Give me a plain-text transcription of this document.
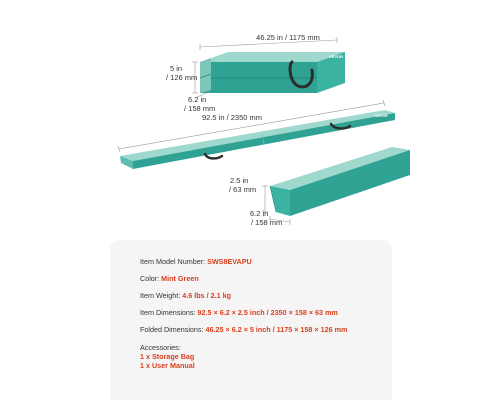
VEVOR
46.25 in / 1175 mm
5 in
/ 126 mm
6.2 in
/ 158 mm
VEVOR
92.5 in / 2350 mm
2.5 in
/ 63 mm
6.2 in
/ 158 mm
Item Model Number: SWS8EVAPU
Color: Mint Green
Item Weight: 4.6 lbs / 2.1 kg
Item Dimensions: 92.5 × 6.2 × 2.5 inch / 2350 × 158 × 63 mm
Folded Dimensions: 46.25 × 6.2 × 5 inch / 1175 × 158 × 126 mm
Accessories:
1 x Storage Bag
1 x User Manual
